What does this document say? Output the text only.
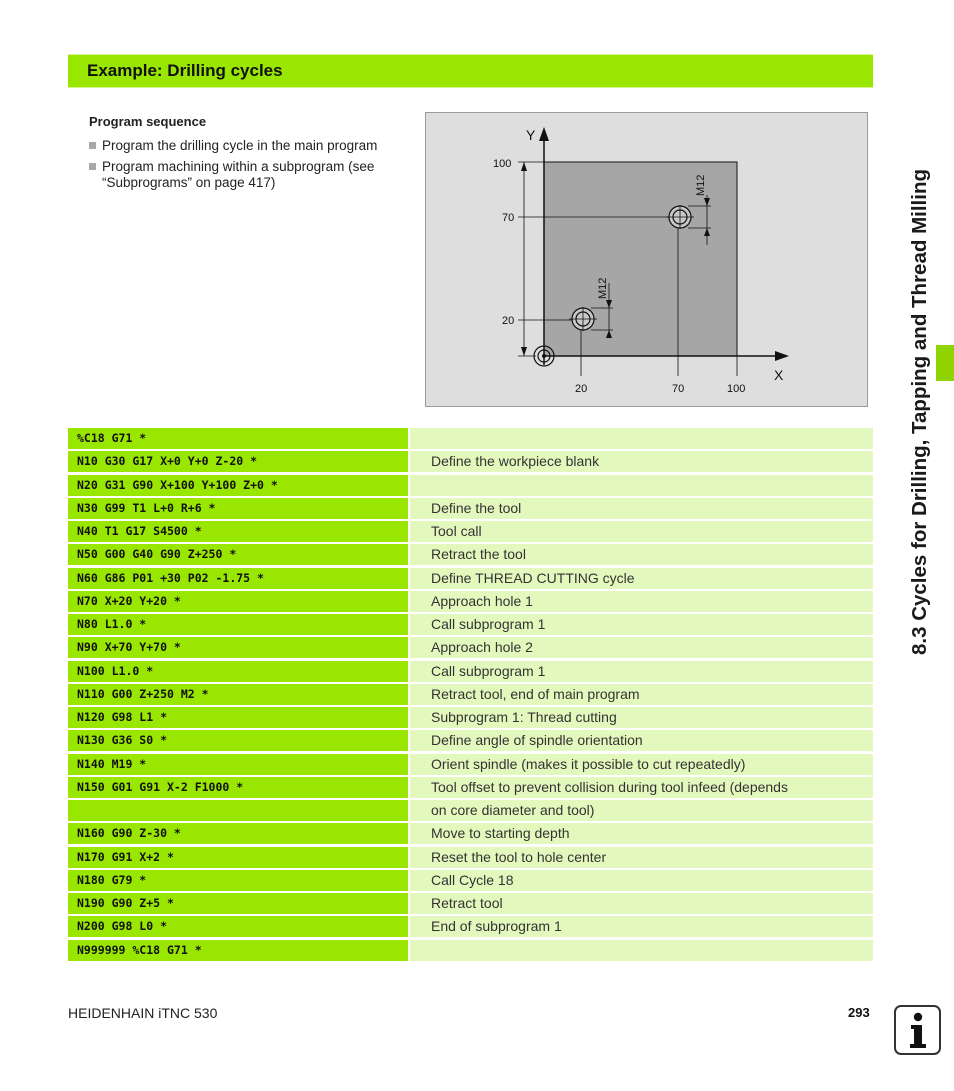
Example: Drilling cycles
Program sequence
Program the drilling cycle in the main program
Program machining within a subprogram (see
“Subprograms” on page 417)
Y
X
100
70
20
20	70	100
M12
M12	8.3 Cycles for Drilling, Tapping and Thread Milling
%C18 G71 *
N10 G30 G17 X+0 Y+0 Z-20 *	Define the workpiece blank
N20 G31 G90 X+100 Y+100 Z+0 *
N30 G99 T1 L+0 R+6 *	Define the tool
N40 T1 G17 S4500 *	Tool call
N50 G00 G40 G90 Z+250 *	Retract the tool
N60 G86 P01 +30 P02 -1.75 *	Define THREAD CUTTING cycle
N70 X+20 Y+20 *	Approach hole 1
N80 L1.0 *	Call subprogram 1
N90 X+70 Y+70 *	Approach hole 2
N100 L1.0 *	Call subprogram 1
N110 G00 Z+250 M2 *	Retract tool, end of main program
N120 G98 L1 *	Subprogram 1: Thread cutting
N130 G36 S0 *	Define angle of spindle orientation
N140 M19 *	Orient spindle (makes it possible to cut repeatedly)
N150 G01 G91 X-2 F1000 *	Tool offset to prevent collision during tool infeed (depends
on core diameter and tool)
N160 G90 Z-30 *	Move to starting depth
N170 G91 X+2 *	Reset the tool to hole center
N180 G79 *	Call Cycle 18
N190 G90 Z+5 *	Retract tool
N200 G98 L0 *	End of subprogram 1
N999999 %C18 G71 *
HEIDENHAIN iTNC 530	293
